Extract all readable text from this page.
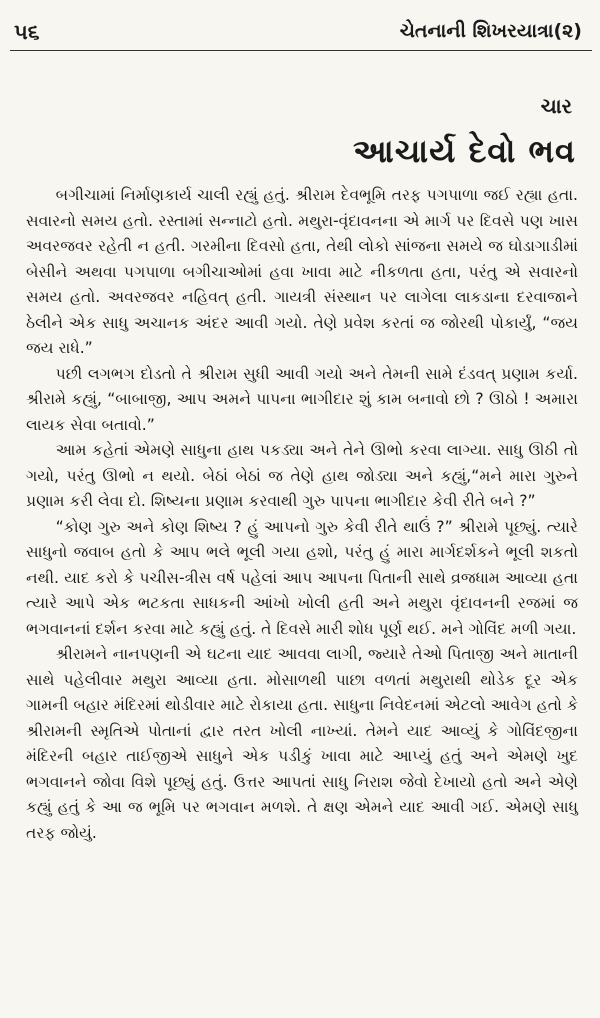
૫૬	ચેતનાની શિખરયાત્રા(૨)
ચાર
આચાર્ય દેવો ભવ

બગીચામાં નિર્માણકાર્ય ચાલી રહ્યું હતું. શ્રીરામ દેવભૂમિ તરફ પગપાળા જઈ રહ્યા હતા. સવારનો સમય હતો. રસ્તામાં સન્નાટો હતો. મથુરા-વૃંદાવનના એ માર્ગ પર દિવસે પણ ખાસ અવરજવર રહેતી ન હતી. ગરમીના દિવસો હતા, તેથી લોકો સાંજના સમયે જ ઘોડાગાડીમાં બેસીને અથવા પગપાળા બગીચાઓમાં હવા ખાવા માટે નીકળતા હતા, પરંતુ એ સવારનો સમય હતો. અવરજવર નહિવત્ હતી. ગાયત્રી સંસ્થાન પર લાગેલા લાકડાના દરવાજાને ઠેલીને એક સાધુ અચાનક અંદર આવી ગયો. તેણે પ્રવેશ કરતાં જ જોરથી પોકાર્યું, “જય જય રાધે.”

પછી લગભગ દોડતો તે શ્રીરામ સુધી આવી ગયો અને તેમની સામે દંડવત્ પ્રણામ કર્યા. શ્રીરામે કહ્યું, “બાબાજી, આપ અમને પાપના ભાગીદાર શું કામ બનાવો છો ? ઊઠો ! અમારા લાયક સેવા બતાવો.”

આમ કહેતાં એમણે સાધુના હાથ પકડ્યા અને તેને ઊભો કરવા લાગ્યા. સાધુ ઊઠી તો ગયો, પરંતુ ઊભો ન થયો. બેઠાં બેઠાં જ તેણે હાથ જોડ્યા અને કહ્યું,“મને મારા ગુરુને પ્રણામ કરી લેવા દો. શિષ્યના પ્રણામ કરવાથી ગુરુ પાપના ભાગીદાર કેવી રીતે બને ?”

“કોણ ગુરુ અને કોણ શિષ્ય ? હું આપનો ગુરુ કેવી રીતે થાઉં ?” શ્રીરામે પૂછ્યું. ત્યારે સાધુનો જવાબ હતો કે આપ ભલે ભૂલી ગયા હશો, પરંતુ હું મારા માર્ગદર્શકને ભૂલી શકતો નથી. યાદ કરો કે પચીસ-ત્રીસ વર્ષ પહેલાં આપ આપના પિતાની સાથે વ્રજધામ આવ્યા હતા ત્યારે આપે એક ભટકતા સાધકની આંખો ખોલી હતી અને મથુરા વૃંદાવનની રજમાં જ ભગવાનનાં દર્શન કરવા માટે કહ્યું હતું. તે દિવસે મારી શોધ પૂર્ણ થઈ. મને ગોવિંદ મળી ગયા.

શ્રીરામને નાનપણની એ ઘટના યાદ આવવા લાગી, જ્યારે તેઓ પિતાજી અને માતાની સાથે પહેલીવાર મથુરા આવ્યા હતા. મોસાળથી પાછા વળતાં મથુરાથી થોડેક દૂર એક ગામની બહાર મંદિરમાં થોડીવાર માટે રોકાયા હતા. સાધુના નિવેદનમાં એટલો આવેગ હતો કે શ્રીરામની સ્મૃતિએ પોતાનાં દ્વાર તરત ખોલી નાખ્યાં. તેમને યાદ આવ્યું કે ગોવિંદજીના મંદિરની બહાર તાઈજીએ સાધુને એક પડીકું ખાવા માટે આપ્યું હતું અને એમણે ખુદ ભગવાનને જોવા વિશે પૂછ્યું હતું. ઉત્તર આપતાં સાધુ નિરાશ જેવો દેખાયો હતો અને એણે કહ્યું હતું કે આ જ ભૂમિ પર ભગવાન મળશે. તે ક્ષણ એમને યાદ આવી ગઈ. એમણે સાધુ તરફ જોયું.
